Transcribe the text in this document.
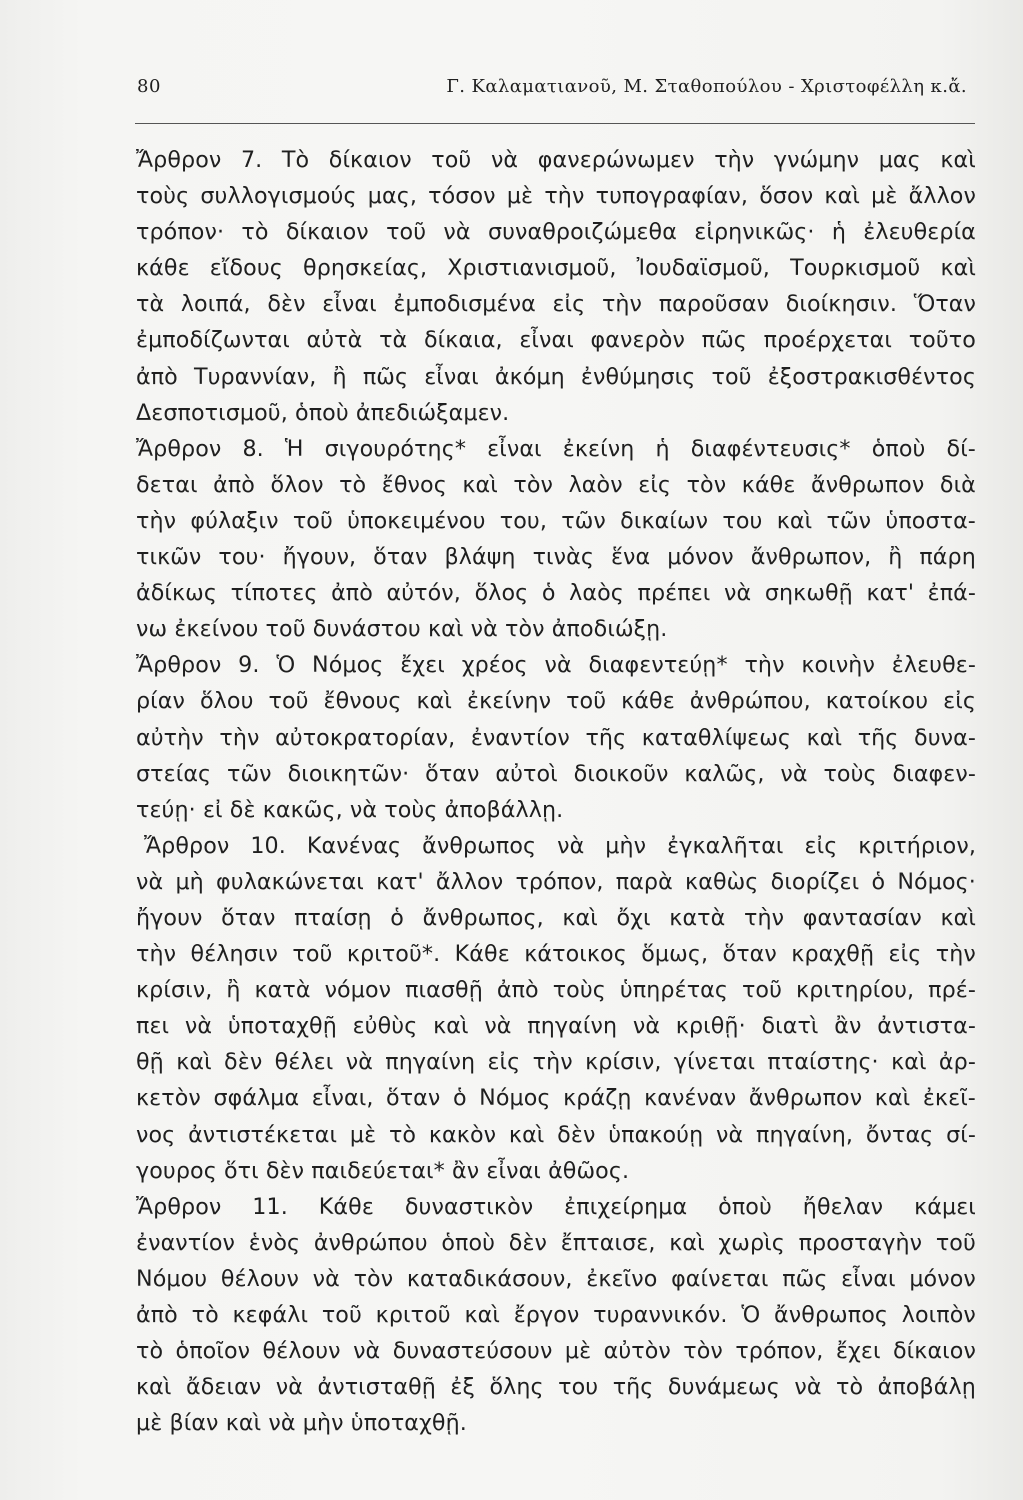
80	Γ. Καλαματιανοῦ, Μ. Σταθοπούλου - Χριστοφέλλη κ.ἄ.
Ἄρθρον 7. Τὸ δίκαιον τοῦ νὰ φανερώνωμεν τὴν γνώμην μας καὶ
τοὺς συλλογισμούς μας, τόσον μὲ τὴν τυπογραφίαν, ὅσον καὶ μὲ ἄλλον
τρόπον· τὸ δίκαιον τοῦ νὰ συναθροιζώμεθα εἰρηνικῶς· ἡ ἐλευθερία
κάθε εἴδους θρησκείας, Χριστιανισμοῦ, Ἰουδαϊσμοῦ, Τουρκισμοῦ καὶ
τὰ λοιπά, δὲν εἶναι ἐμποδισμένα εἰς τὴν παροῦσαν διοίκησιν. Ὅταν
ἐμποδίζωνται αὐτὰ τὰ δίκαια, εἶναι φανερὸν πῶς προέρχεται τοῦτο
ἀπὸ Τυραννίαν, ἢ πῶς εἶναι ἀκόμη ἐνθύμησις τοῦ ἐξοστρακισθέντος
Δεσποτισμοῦ, ὁποὺ ἀπεδιώξαμεν.
Ἄρθρον 8. Ἡ σιγουρότης* εἶναι ἐκείνη ἡ διαφέντευσις* ὁποὺ δί-
δεται ἀπὸ ὅλον τὸ ἔθνος καὶ τὸν λαὸν εἰς τὸν κάθε ἄνθρωπον διὰ
τὴν φύλαξιν τοῦ ὑποκειμένου του, τῶν δικαίων του καὶ τῶν ὑποστα-
τικῶν του· ἤγουν, ὅταν βλάψη τινὰς ἕνα μόνον ἄνθρωπον, ἢ πάρη
ἀδίκως τίποτες ἀπὸ αὐτόν, ὅλος ὁ λαὸς πρέπει νὰ σηκωθῇ κατ' ἐπά-
νω ἐκείνου τοῦ δυνάστου καὶ νὰ τὸν ἀποδιώξῃ.
Ἄρθρον 9. Ὁ Νόμος ἔχει χρέος νὰ διαφεντεύῃ* τὴν κοινὴν ἐλευθε-
ρίαν ὅλου τοῦ ἔθνους καὶ ἐκείνην τοῦ κάθε ἀνθρώπου, κατοίκου εἰς
αὐτὴν τὴν αὐτοκρατορίαν, ἐναντίον τῆς καταθλίψεως καὶ τῆς δυνα-
στείας τῶν διοικητῶν· ὅταν αὐτοὶ διοικοῦν καλῶς, νὰ τοὺς διαφεν-
τεύῃ· εἰ δὲ κακῶς, νὰ τοὺς ἀποβάλλῃ.
Ἄρθρον 10. Κανένας ἄνθρωπος νὰ μὴν ἐγκαλῆται εἰς κριτήριον,
νὰ μὴ φυλακώνεται κατ' ἄλλον τρόπον, παρὰ καθὼς διορίζει ὁ Νόμος·
ἤγουν ὅταν πταίσῃ ὁ ἄνθρωπος, καὶ ὄχι κατὰ τὴν φαντασίαν καὶ
τὴν θέλησιν τοῦ κριτοῦ*. Κάθε κάτοικος ὅμως, ὅταν κραχθῇ εἰς τὴν
κρίσιν, ἢ κατὰ νόμον πιασθῇ ἀπὸ τοὺς ὑπηρέτας τοῦ κριτηρίου, πρέ-
πει νὰ ὑποταχθῇ εὐθὺς καὶ νὰ πηγαίνη νὰ κριθῇ· διατὶ ἂν ἀντιστα-
θῇ καὶ δὲν θέλει νὰ πηγαίνη εἰς τὴν κρίσιν, γίνεται πταίστης· καὶ ἀρ-
κετὸν σφάλμα εἶναι, ὅταν ὁ Νόμος κράζῃ κανέναν ἄνθρωπον καὶ ἐκεῖ-
νος ἀντιστέκεται μὲ τὸ κακὸν καὶ δὲν ὑπακούῃ νὰ πηγαίνη, ὄντας σί-
γουρος ὅτι δὲν παιδεύεται* ἂν εἶναι ἀθῶος.
Ἄρθρον 11. Κάθε δυναστικὸν ἐπιχείρημα ὁποὺ ἤθελαν κάμει
ἐναντίον ἑνὸς ἀνθρώπου ὁποὺ δὲν ἔπταισε, καὶ χωρὶς προσταγὴν τοῦ
Νόμου θέλουν νὰ τὸν καταδικάσουν, ἐκεῖνο φαίνεται πῶς εἶναι μόνον
ἀπὸ τὸ κεφάλι τοῦ κριτοῦ καὶ ἔργον τυραννικόν. Ὁ ἄνθρωπος λοιπὸν
τὸ ὁποῖον θέλουν νὰ δυναστεύσουν μὲ αὐτὸν τὸν τρόπον, ἔχει δίκαιον
καὶ ἄδειαν νὰ ἀντισταθῇ ἐξ ὅλης του τῆς δυνάμεως νὰ τὸ ἀποβάλῃ
μὲ βίαν καὶ νὰ μὴν ὑποταχθῇ.
